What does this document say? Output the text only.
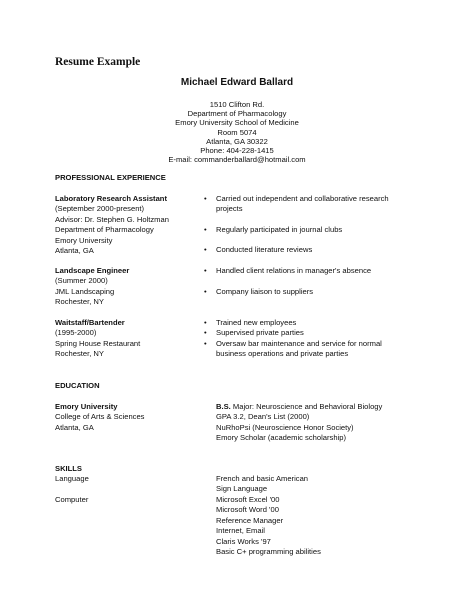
Resume Example
Michael Edward Ballard
1510 Clifton Rd.
Department of Pharmacology
Emory University School of Medicine
Room 5074
Atlanta, GA 30322
Phone: 404-228-1415
E-mail: commanderballard@hotmail.com
PROFESSIONAL EXPERIENCE
Laboratory Research Assistant
(September 2000-present)
Advisor: Dr. Stephen G. Holtzman
Department of Pharmacology
Emory University
Atlanta, GA
• Carried out independent and collaborative research
projects
• Regularly participated in journal clubs
• Conducted literature reviews
Landscape Engineer
(Summer 2000)
JML Landscaping
Rochester, NY
• Handled client relations in manager's absence
• Company liaison to suppliers
Waitstaff/Bartender
(1995-2000)
Spring House Restaurant
Rochester, NY
• Trained new employees
• Supervised private parties
• Oversaw bar maintenance and service for normal
business operations and private parties
EDUCATION
Emory University
College of Arts & Sciences
Atlanta, GA
B.S. Major: Neuroscience and Behavioral Biology
GPA 3.2, Dean's List (2000)
NuRhoPsi (Neuroscience Honor Society)
Emory Scholar (academic scholarship)
SKILLS
Language	French and basic American
Sign Language
Computer	Microsoft Excel '00
Microsoft Word '00
Reference Manager
Internet, Email
Claris Works '97
Basic C+ programming abilities
